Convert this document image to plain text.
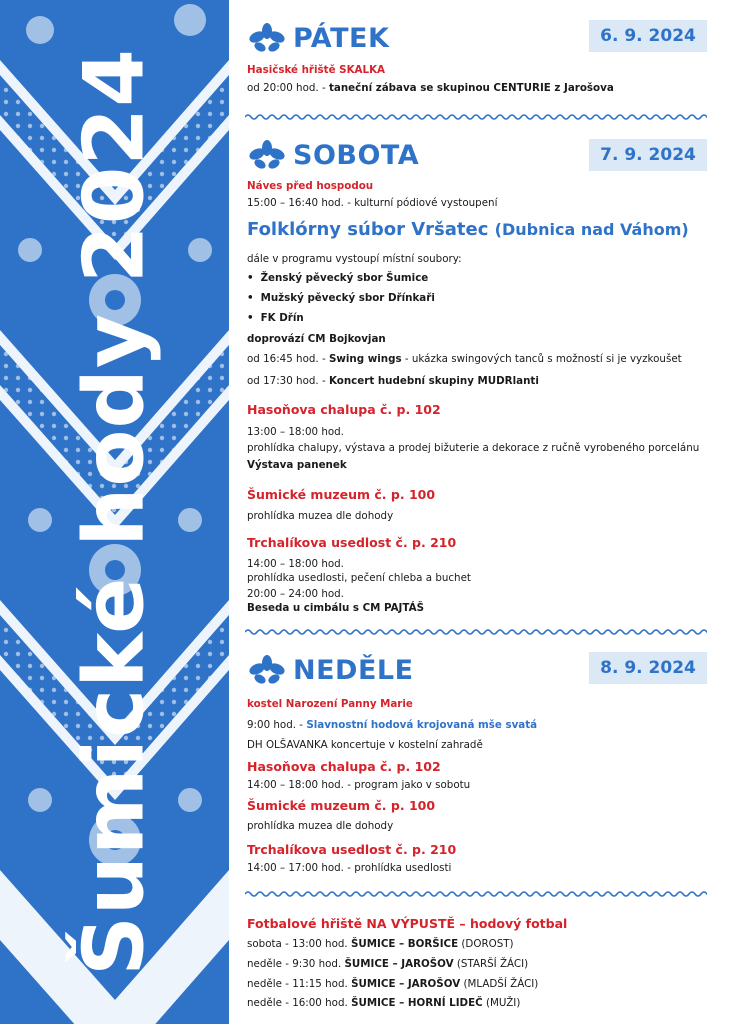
Šumické hody 2024
PÁTEK	6. 9. 2024
Hasičské hřiště SKALKA
od 20:00 hod. - taneční zábava se skupinou CENTURIE z Jarošova
SOBOTA	7. 9. 2024
Náves před hospodou
15:00 – 16:40 hod. - kulturní pódiové vystoupení
Folklórny súbor Vršatec (Dubnica nad Váhom)
dále v programu vystoupí místní soubory:
• Ženský pěvecký sbor Šumice
• Mužský pěvecký sbor Dřínkaři
• FK Dřín
doprovází CM Bojkovjan
od 16:45 hod. - Swing wings - ukázka swingových tanců s možností si je vyzkoušet
od 17:30 hod. - Koncert hudební skupiny MUDRlanti
Hasoňova chalupa č. p. 102
13:00 – 18:00 hod.
prohlídka chalupy, výstava a prodej bižuterie a dekorace z ručně vyrobeného porcelánu
Výstava panenek
Šumické muzeum č. p. 100
prohlídka muzea dle dohody
Trchalíkova usedlost č. p. 210
14:00 – 18:00 hod.
prohlídka usedlosti, pečení chleba a buchet
20:00 – 24:00 hod.
Beseda u cimbálu s CM PAJTÁŠ
NEDĚLE	8. 9. 2024
kostel Narození Panny Marie
9:00 hod. - Slavnostní hodová krojovaná mše svatá
DH OLŠAVANKA koncertuje v kostelní zahradě
Hasoňova chalupa č. p. 102
14:00 – 18:00 hod. - program jako v sobotu
Šumické muzeum č. p. 100
prohlídka muzea dle dohody
Trchalíkova usedlost č. p. 210
14:00 – 17:00 hod. - prohlídka usedlosti
Fotbalové hřiště NA VÝPUSTĚ – hodový fotbal
sobota - 13:00 hod. ŠUMICE – BORŠICE (DOROST)
neděle - 9:30 hod. ŠUMICE – JAROŠOV (STARŠÍ ŽÁCI)
neděle - 11:15 hod. ŠUMICE – JAROŠOV (MLADŠÍ ŽÁCI)
neděle - 16:00 hod. ŠUMICE – HORNÍ LIDEČ (MUŽI)
